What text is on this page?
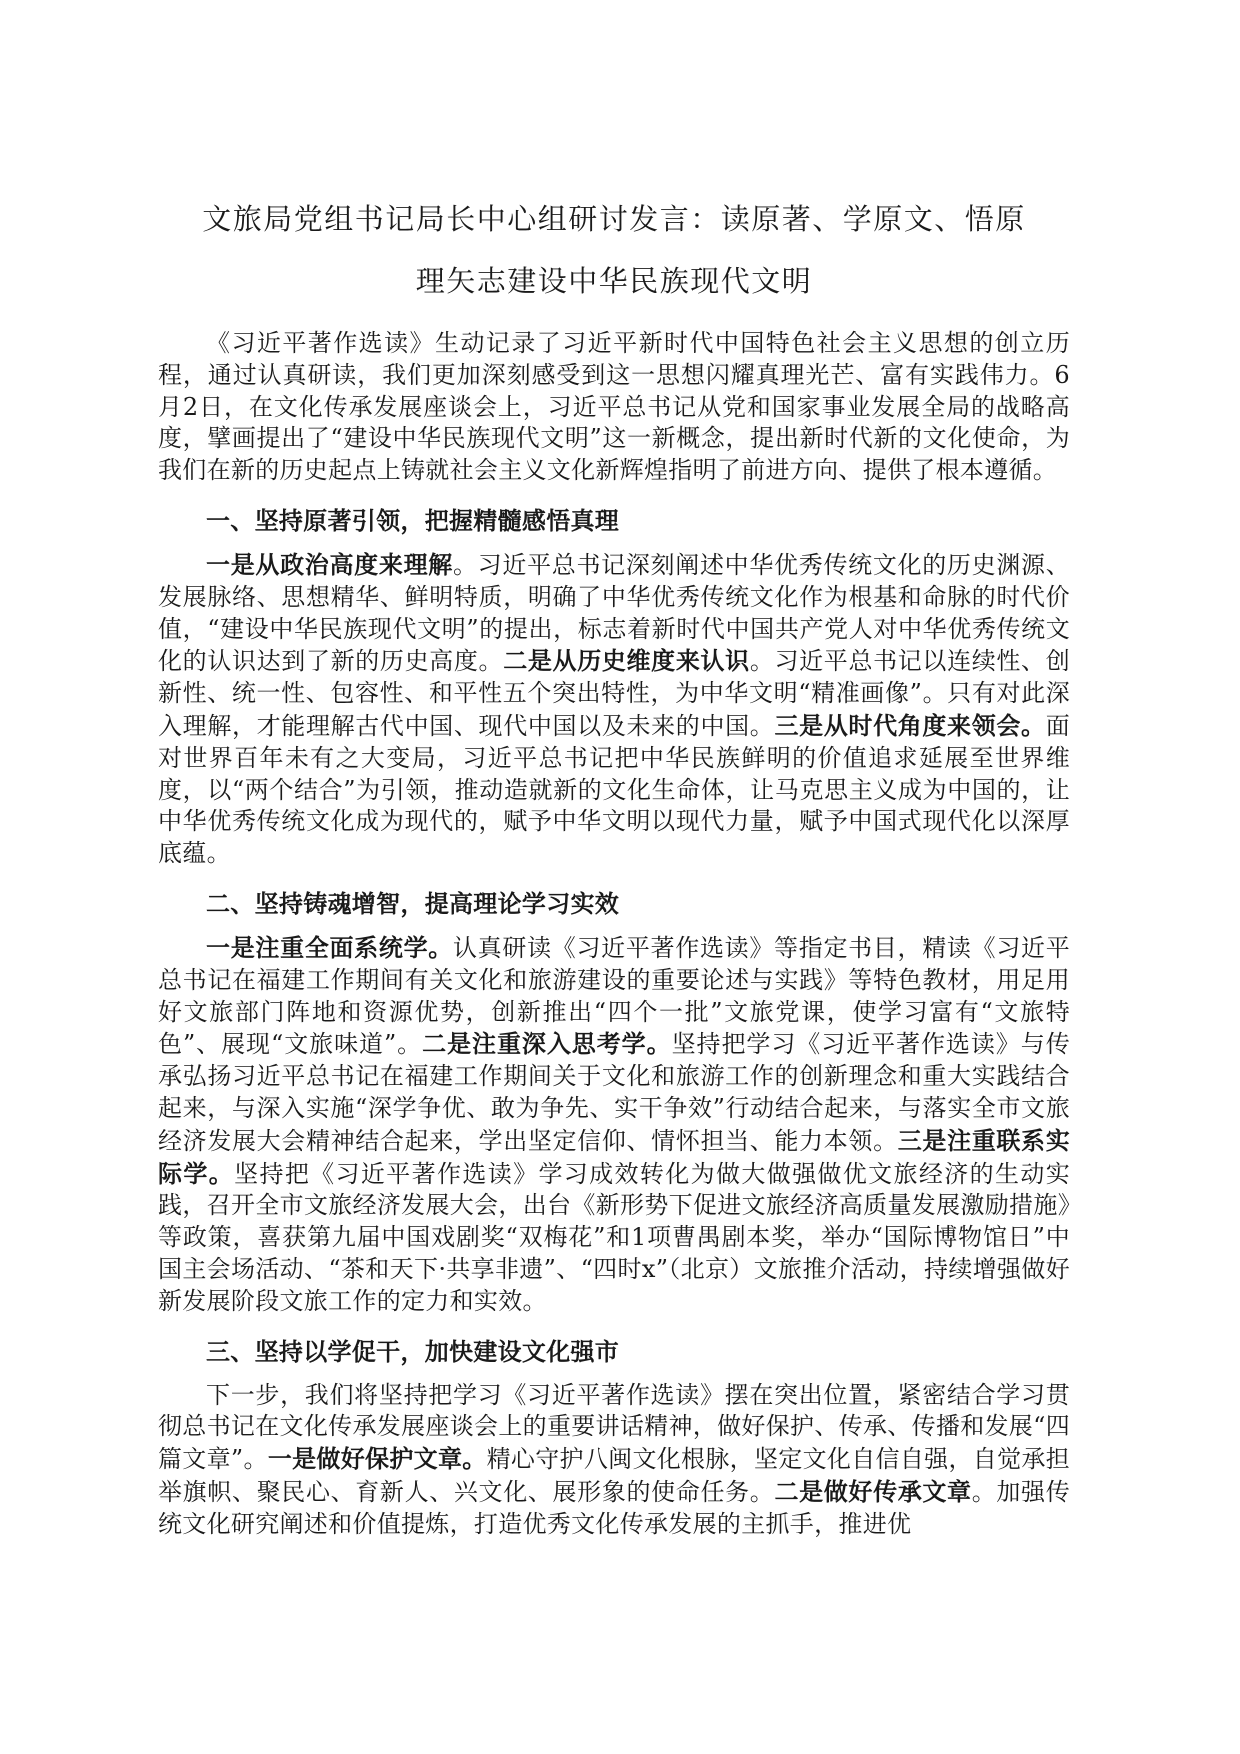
文旅局党组书记局长中心组研讨发言：读原著、学原文、悟原
理矢志建设中华民族现代文明

《习近平著作选读》生动记录了习近平新时代中国特色社会主义思想的创立历程，通过认真研读，我们更加深刻感受到这一思想闪耀真理光芒、富有实践伟力。6月2日，在文化传承发展座谈会上，习近平总书记从党和国家事业发展全局的战略高度，擘画提出了“建设中华民族现代文明”这一新概念，提出新时代新的文化使命，为我们在新的历史起点上铸就社会主义文化新辉煌指明了前进方向、提供了根本遵循。

一、坚持原著引领，把握精髓感悟真理

一是从政治高度来理解。习近平总书记深刻阐述中华优秀传统文化的历史渊源、发展脉络、思想精华、鲜明特质，明确了中华优秀传统文化作为根基和命脉的时代价值，“建设中华民族现代文明”的提出，标志着新时代中国共产党人对中华优秀传统文化的认识达到了新的历史高度。二是从历史维度来认识。习近平总书记以连续性、创新性、统一性、包容性、和平性五个突出特性，为中华文明“精准画像”。只有对此深入理解，才能理解古代中国、现代中国以及未来的中国。三是从时代角度来领会。面对世界百年未有之大变局，习近平总书记把中华民族鲜明的价值追求延展至世界维度，以“两个结合”为引领，推动造就新的文化生命体，让马克思主义成为中国的，让中华优秀传统文化成为现代的，赋予中华文明以现代力量，赋予中国式现代化以深厚底蕴。

二、坚持铸魂增智，提高理论学习实效

一是注重全面系统学。认真研读《习近平著作选读》等指定书目，精读《习近平总书记在福建工作期间有关文化和旅游建设的重要论述与实践》等特色教材，用足用好文旅部门阵地和资源优势，创新推出“四个一批”文旅党课，使学习富有“文旅特色”、展现“文旅味道”。二是注重深入思考学。坚持把学习《习近平著作选读》与传承弘扬习近平总书记在福建工作期间关于文化和旅游工作的创新理念和重大实践结合起来，与深入实施“深学争优、敢为争先、实干争效”行动结合起来，与落实全市文旅经济发展大会精神结合起来，学出坚定信仰、情怀担当、能力本领。三是注重联系实际学。坚持把《习近平著作选读》学习成效转化为做大做强做优文旅经济的生动实践，召开全市文旅经济发展大会，出台《新形势下促进文旅经济高质量发展激励措施》等政策，喜获第九届中国戏剧奖“双梅花”和1项曹禺剧本奖，举办“国际博物馆日”中国主会场活动、“茶和天下·共享非遗”、“四时x”（北京）文旅推介活动，持续增强做好新发展阶段文旅工作的定力和实效。

三、坚持以学促干，加快建设文化强市

下一步，我们将坚持把学习《习近平著作选读》摆在突出位置，紧密结合学习贯彻总书记在文化传承发展座谈会上的重要讲话精神，做好保护、传承、传播和发展“四篇文章”。一是做好保护文章。精心守护八闽文化根脉，坚定文化自信自强，自觉承担举旗帜、聚民心、育新人、兴文化、展形象的使命任务。二是做好传承文章。加强传统文化研究阐述和价值提炼，打造优秀文化传承发展的主抓手，推进优
